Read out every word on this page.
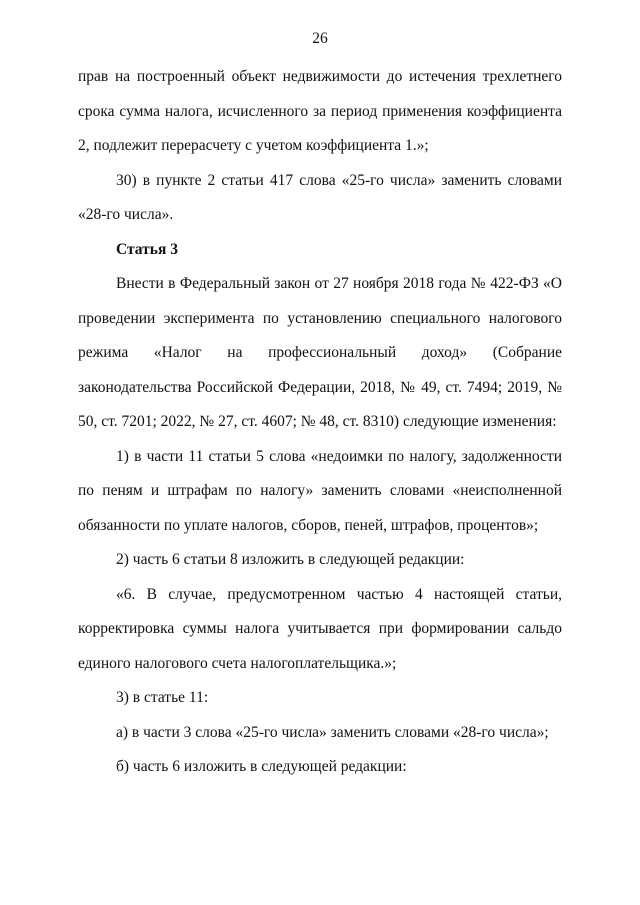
26

прав на построенный объект недвижимости до истечения трехлетнего срока сумма налога, исчисленного за период применения коэффициента 2, подлежит перерасчету с учетом коэффициента 1.»;

30) в пункте 2 статьи 417 слова «25-го числа» заменить словами «28-го числа».

Статья 3

Внести в Федеральный закон от 27 ноября 2018 года № 422-ФЗ «О проведении эксперимента по установлению специального налогового режима «Налог на профессиональный доход» (Собрание законодательства Российской Федерации, 2018, № 49, ст. 7494; 2019, № 50, ст. 7201; 2022, № 27, ст. 4607; № 48, ст. 8310) следующие изменения:

1) в части 11 статьи 5 слова «недоимки по налогу, задолженности по пеням и штрафам по налогу» заменить словами «неисполненной обязанности по уплате налогов, сборов, пеней, штрафов, процентов»;

2) часть 6 статьи 8 изложить в следующей редакции:

«6. В случае, предусмотренном частью 4 настоящей статьи, корректировка суммы налога учитывается при формировании сальдо единого налогового счета налогоплательщика.»;

3) в статье 11:

а) в части 3 слова «25-го числа» заменить словами «28-го числа»;

б) часть 6 изложить в следующей редакции:
